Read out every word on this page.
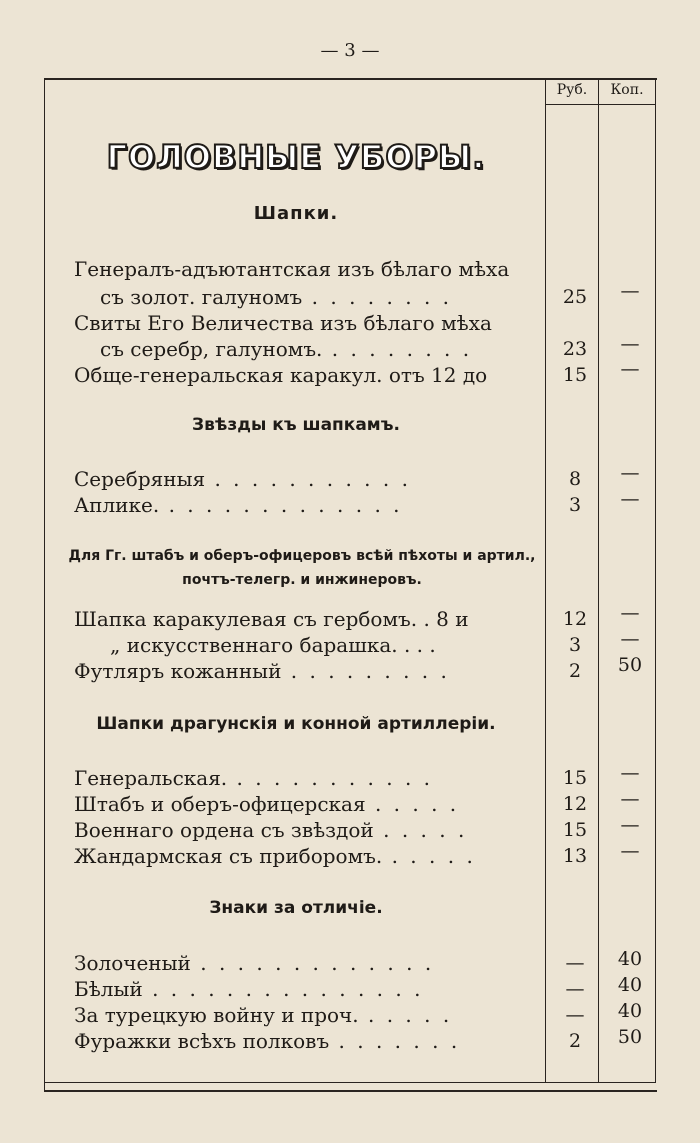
— 3 —
Руб.	Коп.
ГОЛОВНЫЕ УБОРЫ.
Шапки.
Генералъ-адъютантская изъ бѣлаго мѣха
съ золот. галуномъ . . . . . . . .	25	—
Свиты Его Величества изъ бѣлаго мѣха
съ серебр, галуномъ. . . . . . . . .	23	—
Обще-генеральская каракул. отъ 12 до	15	—
Звѣзды къ шапкамъ.
Серебряныя . . . . . . . . . . .	8	—
Аплике. . . . . . . . . . . . . .	3	—
Для Гг. штабъ и оберъ-офицеровъ всѣй пѣхоты и артил., почтъ-телегр. и инжинеровъ.
Шапка каракулевая съ гербомъ. . 8 и	12	—
„ искусственнаго барашка. . . .	3	—
Футляръ кожанный . . . . . . . . .	2	50
Шапки драгунскія и конной артиллеріи.
Генеральская. . . . . . . . . . . .	15	—
Штабъ и оберъ-офицерская . . . . .	12	—
Военнаго ордена съ звѣздой . . . . .	15	—
Жандармская съ приборомъ. . . . . .	13	—
Знаки за отличіе.
Золоченый . . . . . . . . . . . . .	—	40
Бѣлый . . . . . . . . . . . . . . .	—	40
За турецкую войну и проч. . . . . .	—	40
Фуражки всѣхъ полковъ . . . . . . .	2	50
